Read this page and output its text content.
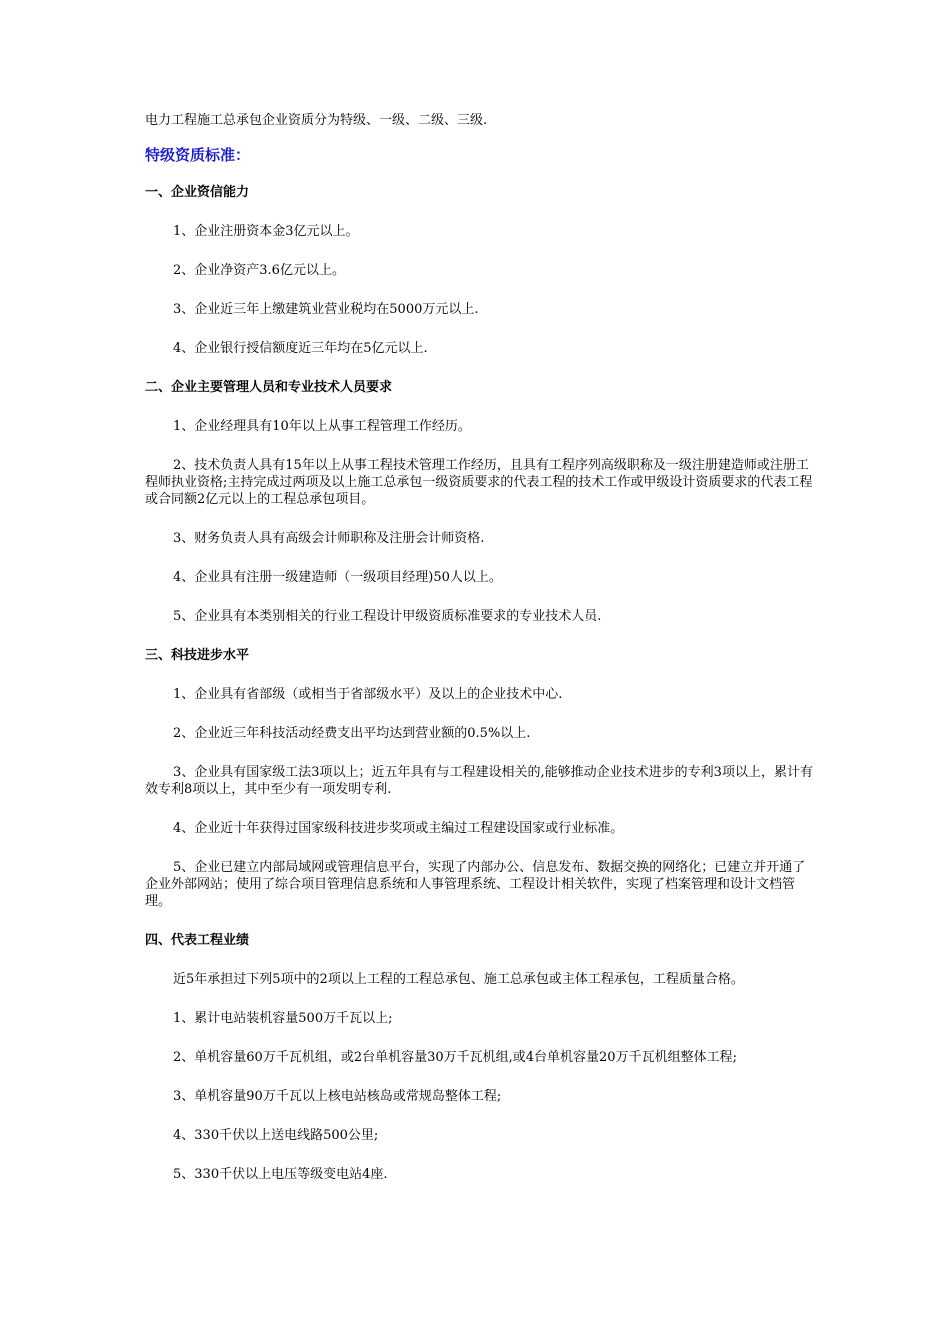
电力工程施工总承包企业资质分为特级、一级、二级、三级.

特级资质标准：

一、企业资信能力

1、企业注册资本金3亿元以上。

2、企业净资产3.6亿元以上。

3、企业近三年上缴建筑业营业税均在5000万元以上.

4、企业银行授信额度近三年均在5亿元以上.

二、企业主要管理人员和专业技术人员要求

1、企业经理具有10年以上从事工程管理工作经历。

2、技术负责人具有15年以上从事工程技术管理工作经历，且具有工程序列高级职称及一级注册建造师或注册工程师执业资格;主持完成过两项及以上施工总承包一级资质要求的代表工程的技术工作或甲级设计资质要求的代表工程或合同额2亿元以上的工程总承包项目。

3、财务负责人具有高级会计师职称及注册会计师资格.

4、企业具有注册一级建造师（一级项目经理)50人以上。

5、企业具有本类别相关的行业工程设计甲级资质标准要求的专业技术人员.

三、科技进步水平

1、企业具有省部级（或相当于省部级水平）及以上的企业技术中心.

2、企业近三年科技活动经费支出平均达到营业额的0.5%以上.

3、企业具有国家级工法3项以上；近五年具有与工程建设相关的,能够推动企业技术进步的专利3项以上，累计有效专利8项以上，其中至少有一项发明专利.

4、企业近十年获得过国家级科技进步奖项或主编过工程建设国家或行业标准。

5、企业已建立内部局域网或管理信息平台，实现了内部办公、信息发布、数据交换的网络化；已建立并开通了企业外部网站；使用了综合项目管理信息系统和人事管理系统、工程设计相关软件，实现了档案管理和设计文档管理。

四、代表工程业绩

近5年承担过下列5项中的2项以上工程的工程总承包、施工总承包或主体工程承包，工程质量合格。

1、累计电站装机容量500万千瓦以上;

2、单机容量60万千瓦机组，或2台单机容量30万千瓦机组,或4台单机容量20万千瓦机组整体工程;

3、单机容量90万千瓦以上核电站核岛或常规岛整体工程;

4、330千伏以上送电线路500公里;

5、330千伏以上电压等级变电站4座.
